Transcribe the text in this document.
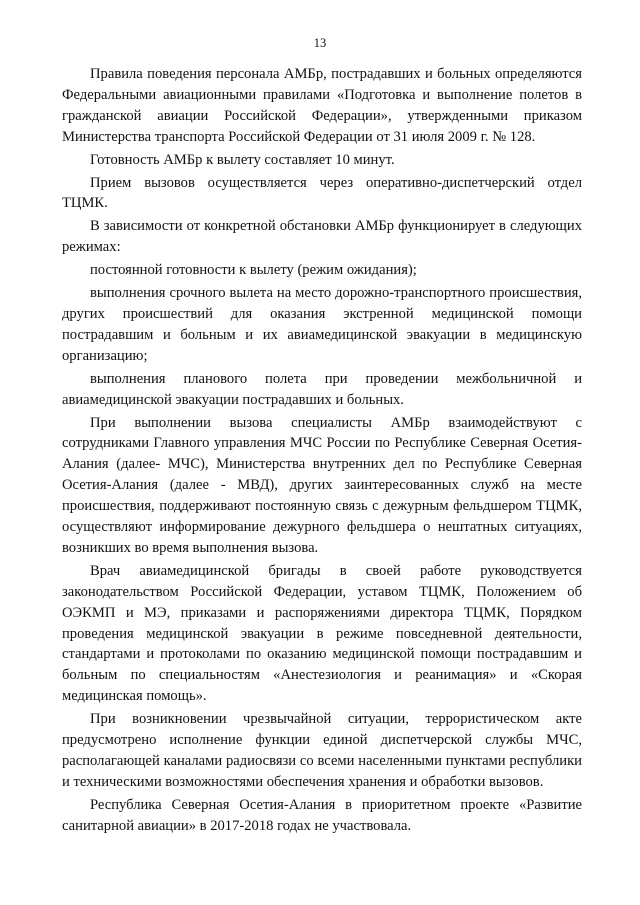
13

Правила поведения персонала АМБр, пострадавших и больных определяются Федеральными авиационными правилами «Подготовка и выполнение полетов в гражданской авиации Российской Федерации», утвержденными приказом Министерства транспорта Российской Федерации от 31 июля 2009 г. № 128.

Готовность АМБр к вылету составляет 10 минут.

Прием вызовов осуществляется через оперативно-диспетчерский отдел ТЦМК.

В зависимости от конкретной обстановки АМБр функционирует в следующих режимах:

постоянной готовности к вылету (режим ожидания);

выполнения срочного вылета на место дорожно-транспортного происшествия, других происшествий для оказания экстренной медицинской помощи пострадавшим и больным и их авиамедицинской эвакуации в медицинскую организацию;

выполнения планового полета при проведении межбольничной и авиамедицинской эвакуации пострадавших и больных.

При выполнении вызова специалисты АМБр взаимодействуют с сотрудниками Главного управления МЧС России по Республике Северная Осетия-Алания (далее- МЧС), Министерства внутренних дел по Республике Северная Осетия-Алания (далее - МВД), других заинтересованных служб на месте происшествия, поддерживают постоянную связь с дежурным фельдшером ТЦМК, осуществляют информирование дежурного фельдшера о нештатных ситуациях, возникших во время выполнения вызова.

Врач авиамедицинской бригады в своей работе руководствуется законодательством Российской Федерации, уставом ТЦМК, Положением об ОЭКМП и МЭ, приказами и распоряжениями директора ТЦМК, Порядком проведения медицинской эвакуации в режиме повседневной деятельности, стандартами и протоколами по оказанию медицинской помощи пострадавшим и больным по специальностям «Анестезиология и реанимация» и «Скорая медицинская помощь».

При возникновении чрезвычайной ситуации, террористическом акте предусмотрено исполнение функции единой диспетчерской службы МЧС, располагающей каналами радиосвязи со всеми населенными пунктами республики и техническими возможностями обеспечения хранения и обработки вызовов.

Республика Северная Осетия-Алания в приоритетном проекте «Развитие санитарной авиации» в 2017-2018 годах не участвовала.
